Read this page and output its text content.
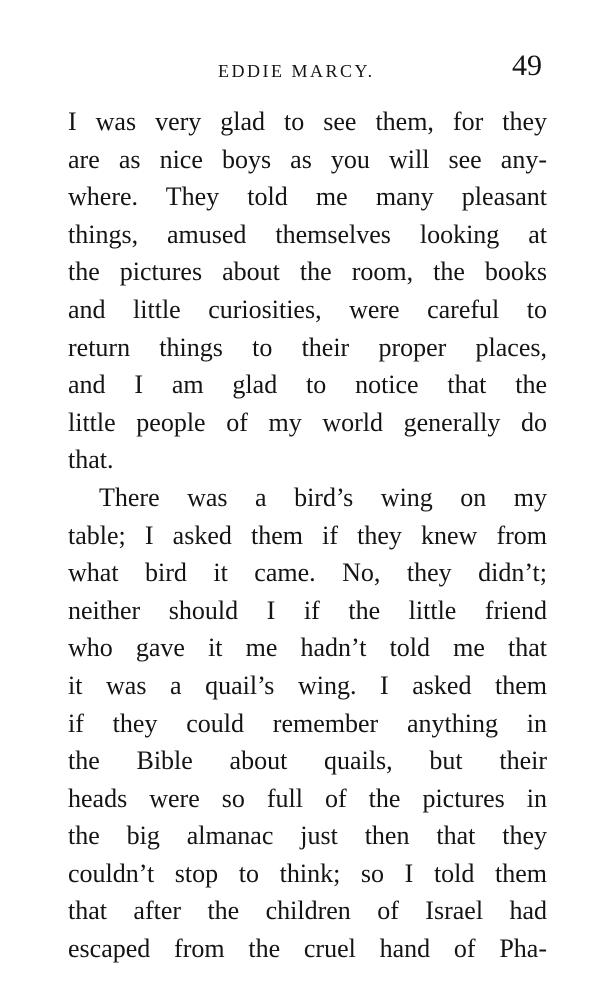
EDDIE MARCY.	49
I was very glad to see them, for they
are as nice boys as you will see any-
where. They told me many pleasant
things, amused themselves looking at
the pictures about the room, the books
and little curiosities, were careful to
return things to their proper places,
and I am glad to notice that the
little people of my world generally do
that.
There was a bird’s wing on my
table; I asked them if they knew from
what bird it came. No, they didn’t;
neither should I if the little friend
who gave it me hadn’t told me that
it was a quail’s wing. I asked them
if they could remember anything in
the Bible about quails, but their
heads were so full of the pictures in
the big almanac just then that they
couldn’t stop to think; so I told them
that after the children of Israel had
escaped from the cruel hand of Pha-
